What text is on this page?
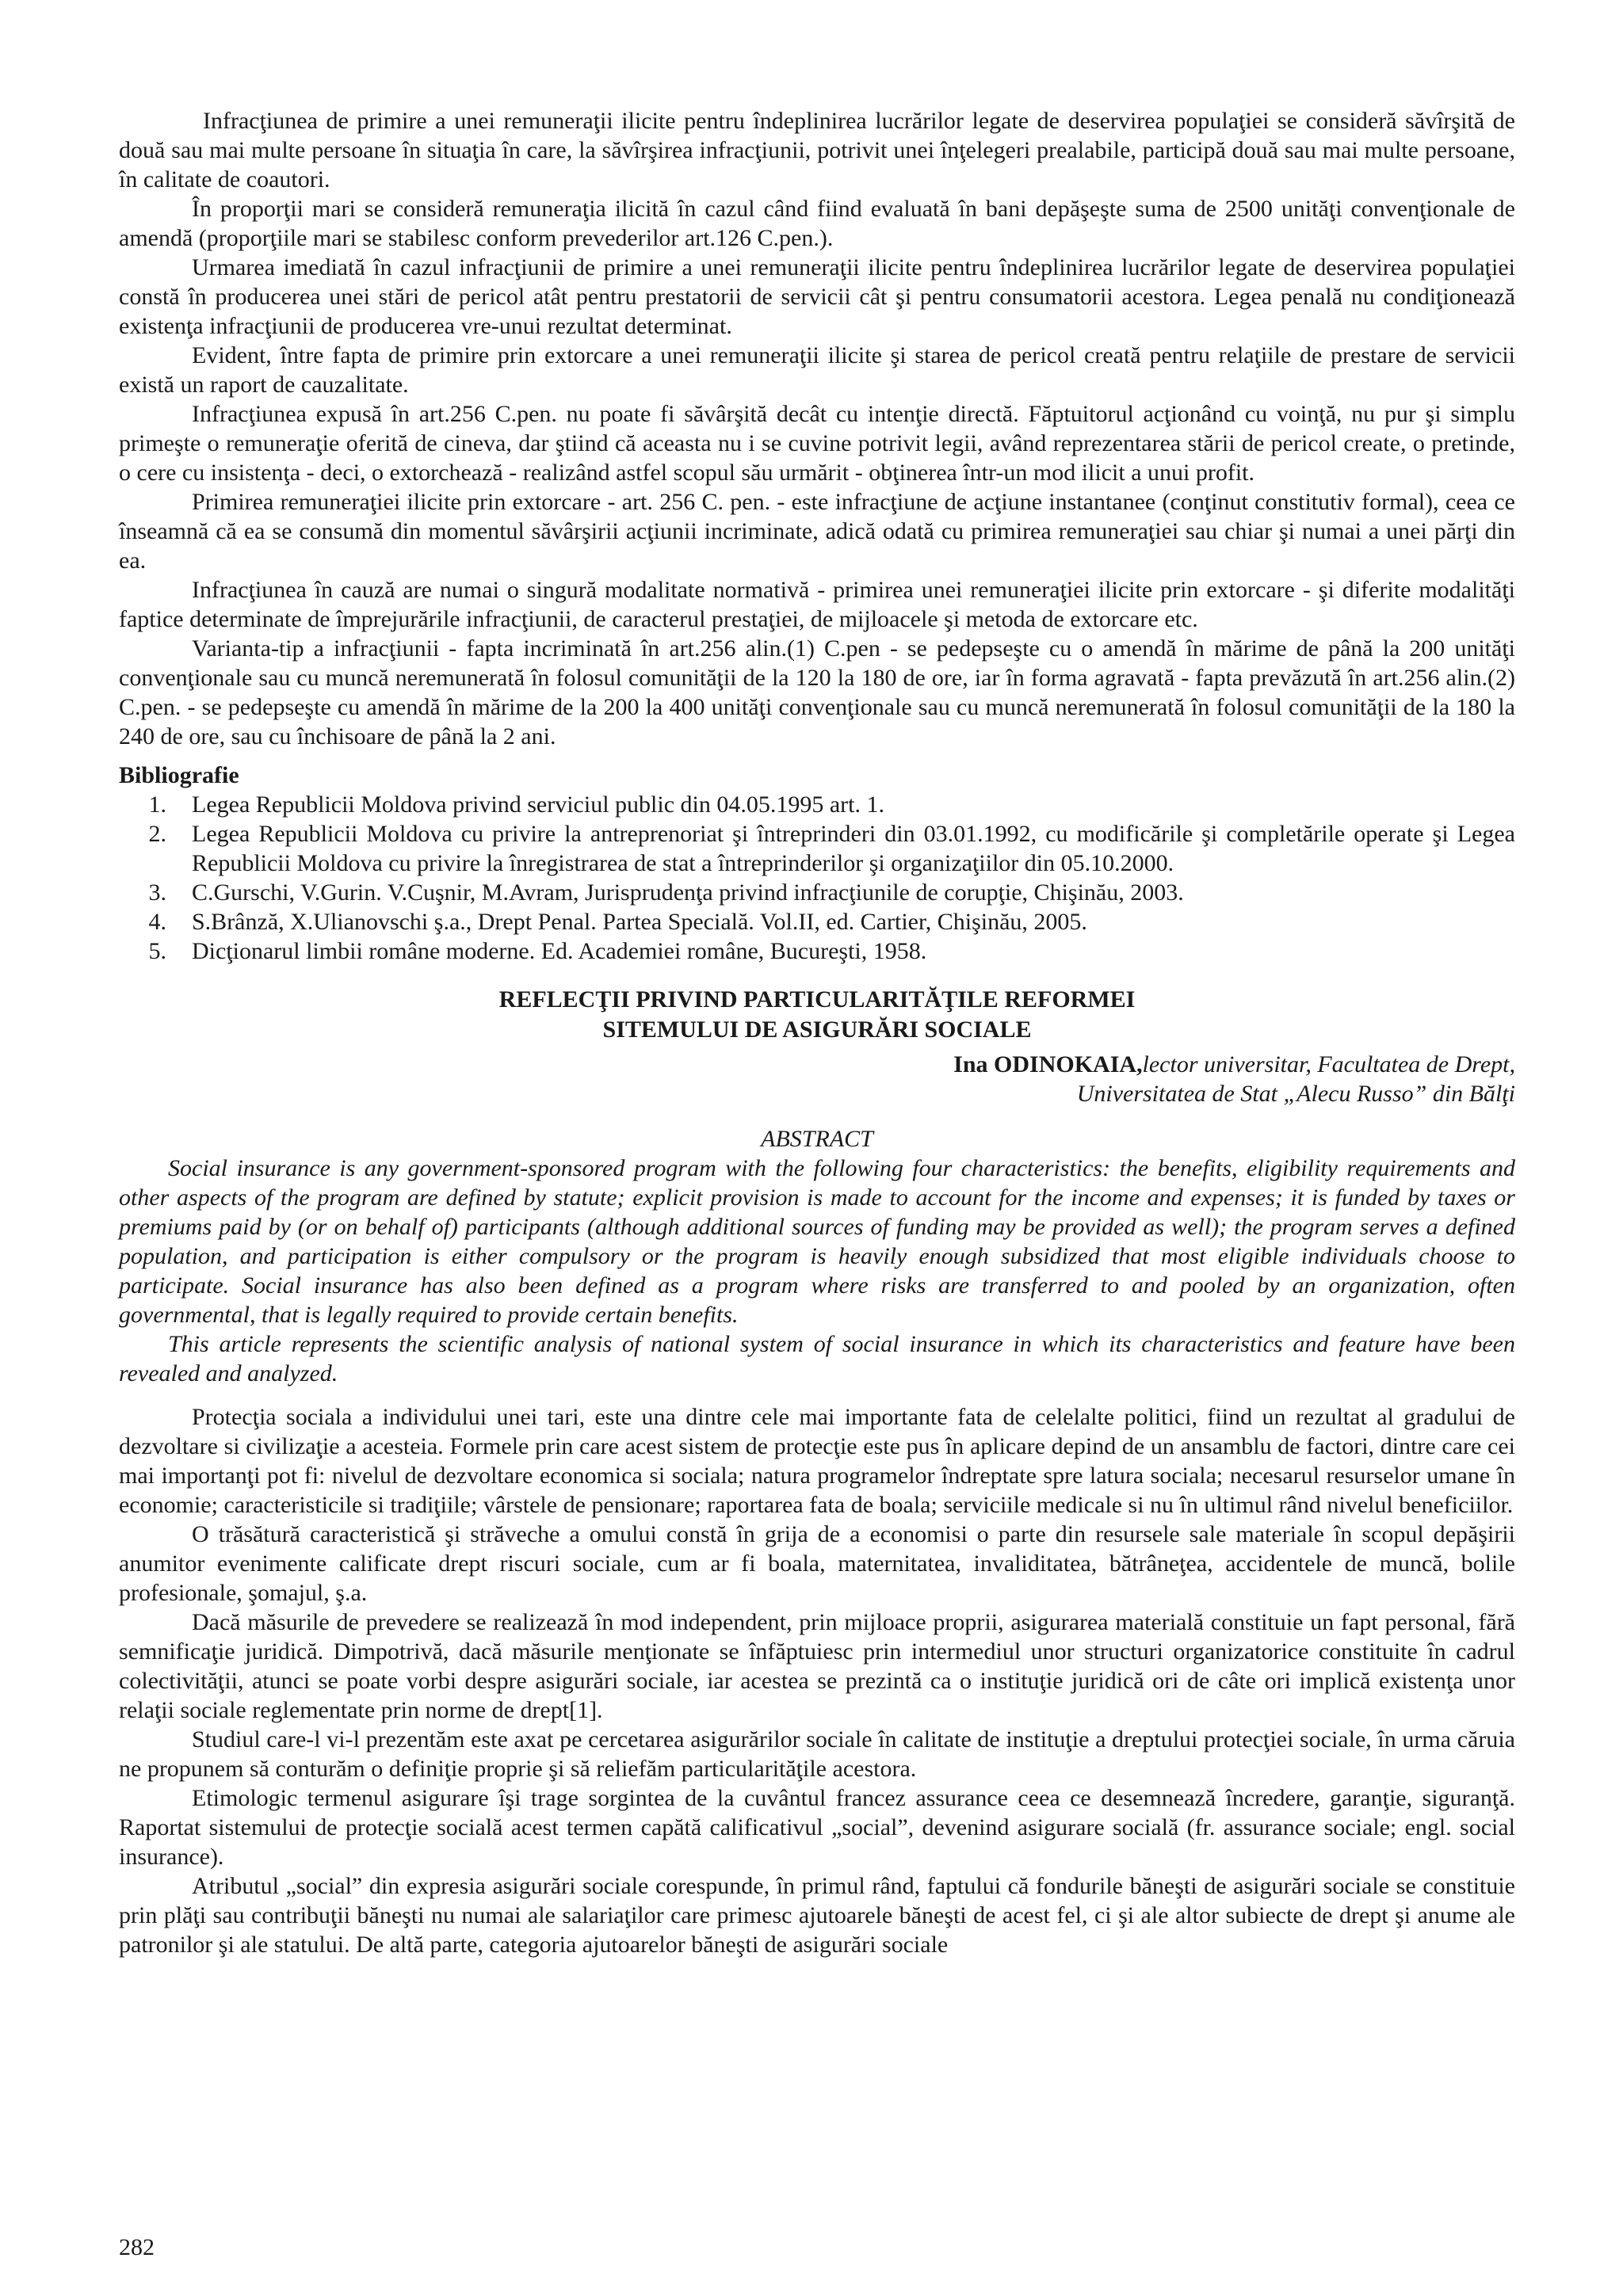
Infracţiunea de primire a unei remuneraţii ilicite pentru îndeplinirea lucrărilor legate de deservirea populaţiei se consideră săvîrşită de două sau mai multe persoane în situaţia în care, la săvîrşirea infracţiunii, potrivit unei înţelegeri prealabile, participă două sau mai multe persoane, în calitate de coautori.

În proporţii mari se consideră remuneraţia ilicită în cazul când fiind evaluată în bani depăşeşte suma de 2500 unităţi convenţionale de amendă (proporţiile mari se stabilesc conform prevederilor art.126 C.pen.).

Urmarea imediată în cazul infracţiunii de primire a unei remuneraţii ilicite pentru îndeplinirea lucrărilor legate de deservirea populaţiei constă în producerea unei stări de pericol atât pentru prestatorii de servicii cât şi pentru consumatorii acestora. Legea penală nu condiţionează existenţa infracţiunii de producerea vre-unui rezultat determinat.

Evident, între fapta de primire prin extorcare a unei remuneraţii ilicite şi starea de pericol creată pentru relaţiile de prestare de servicii există un raport de cauzalitate.

Infracţiunea expusă în art.256 C.pen. nu poate fi săvârşită decât cu intenţie directă. Făptuitorul acţionând cu voinţă, nu pur şi simplu primeşte o remuneraţie oferită de cineva, dar ştiind că aceasta nu i se cuvine potrivit legii, având reprezentarea stării de pericol create, o pretinde, o cere cu insistenţa - deci, o extorchează - realizând astfel scopul său urmărit - obţinerea într-un mod ilicit a unui profit.

Primirea remuneraţiei ilicite prin extorcare - art. 256 C. pen. - este infracţiune de acţiune instantanee (conţinut constitutiv formal), ceea ce înseamnă că ea se consumă din momentul săvârşirii acţiunii incriminate, adică odată cu primirea remuneraţiei sau chiar şi numai a unei părţi din ea.

Infracţiunea în cauză are numai o singură modalitate normativă - primirea unei remuneraţiei ilicite prin extorcare - şi diferite modalităţi faptice determinate de împrejurările infracţiunii, de caracterul prestaţiei, de mijloacele şi metoda de extorcare etc.

Varianta-tip a infracţiunii - fapta incriminată în art.256 alin.(1) C.pen - se pedepseşte cu o amendă în mărime de până la 200 unităţi convenţionale sau cu muncă neremunerată în folosul comunităţii de la 120 la 180 de ore, iar în forma agravată - fapta prevăzută în art.256 alin.(2) C.pen. - se pedepseşte cu amendă în mărime de la 200 la 400 unităţi convenţionale sau cu muncă neremunerată în folosul comunităţii de la 180 la 240 de ore, sau cu închisoare de până la 2 ani.

Bibliografie
1.	Legea Republicii Moldova privind serviciul public din 04.05.1995 art. 1.
2.	Legea Republicii Moldova cu privire la antreprenoriat şi întreprinderi din 03.01.1992, cu modificările şi completările operate şi Legea Republicii Moldova cu privire la înregistrarea de stat a întreprinderilor şi organizaţiilor din 05.10.2000.
3.	C.Gurschi, V.Gurin. V.Cuşnir, M.Avram, Jurisprudenţa privind infracţiunile de corupţie, Chişinău, 2003.
4.	S.Brânză, X.Ulianovschi ş.a., Drept Penal. Partea Specială. Vol.II, ed. Cartier, Chişinău, 2005.
5.	Dicţionarul limbii române moderne. Ed. Academiei române, Bucureşti, 1958.
REFLECŢII PRIVIND PARTICULARITĂŢILE REFORMEI
SITEMULUI DE ASIGURĂRI SOCIALE
Ina ODINOKAIA,lector universitar, Facultatea de Drept,
Universitatea de Stat „Alecu Russo” din Bălţi
ABSTRACT

Social insurance is any government-sponsored program with the following four characteristics: the benefits, eligibility requirements and other aspects of the program are defined by statute; explicit provision is made to account for the income and expenses; it is funded by taxes or premiums paid by (or on behalf of) participants (although additional sources of funding may be provided as well); the program serves a defined population, and participation is either compulsory or the program is heavily enough subsidized that most eligible individuals choose to participate. Social insurance has also been defined as a program where risks are transferred to and pooled by an organization, often governmental, that is legally required to provide certain benefits.

This article represents the scientific analysis of national system of social insurance in which its characteristics and feature have been revealed and analyzed.

Protecţia sociala a individului unei tari, este una dintre cele mai importante fata de celelalte politici, fiind un rezultat al gradului de dezvoltare si civilizaţie a acesteia. Formele prin care acest sistem de protecţie este pus în aplicare depind de un ansamblu de factori, dintre care cei mai importanţi pot fi: nivelul de dezvoltare economica si sociala; natura programelor îndreptate spre latura sociala; necesarul resurselor umane în economie; caracteristicile si tradiţiile; vârstele de pensionare; raportarea fata de boala; serviciile medicale si nu în ultimul rând nivelul beneficiilor.

O trăsătură caracteristică şi străveche a omului constă în grija de a economisi o parte din resursele sale materiale în scopul depăşirii anumitor evenimente calificate drept riscuri sociale, cum ar fi boala, maternitatea, invaliditatea, bătrâneţea, accidentele de muncă, bolile profesionale, şomajul, ş.a.

Dacă măsurile de prevedere se realizează în mod independent, prin mijloace proprii, asigurarea materială constituie un fapt personal, fără semnificaţie juridică. Dimpotrivă, dacă măsurile menţionate se înfăptuiesc prin intermediul unor structuri organizatorice constituite în cadrul colectivităţii, atunci se poate vorbi despre asigurări sociale, iar acestea se prezintă ca o instituţie juridică ori de câte ori implică existenţa unor relaţii sociale reglementate prin norme de drept[1].

Studiul care-l vi-l prezentăm este axat pe cercetarea asigurărilor sociale în calitate de instituţie a dreptului protecţiei sociale, în urma căruia ne propunem să conturăm o definiţie proprie şi să reliefăm particularităţile acestora.

Etimologic termenul asigurare îşi trage sorgintea de la cuvântul francez assurance ceea ce desemnează încredere, garanţie, siguranţă. Raportat sistemului de protecţie socială acest termen capătă calificativul „social”, devenind asigurare socială (fr. assurance sociale; engl. social insurance).

Atributul „social” din expresia asigurări sociale corespunde, în primul rând, faptului că fondurile băneşti de asigurări sociale se constituie prin plăţi sau contribuţii băneşti nu numai ale salariaţilor care primesc ajutoarele băneşti de acest fel, ci şi ale altor subiecte de drept şi anume ale patronilor şi ale statului. De altă parte, categoria ajutoarelor băneşti de asigurări sociale

282
